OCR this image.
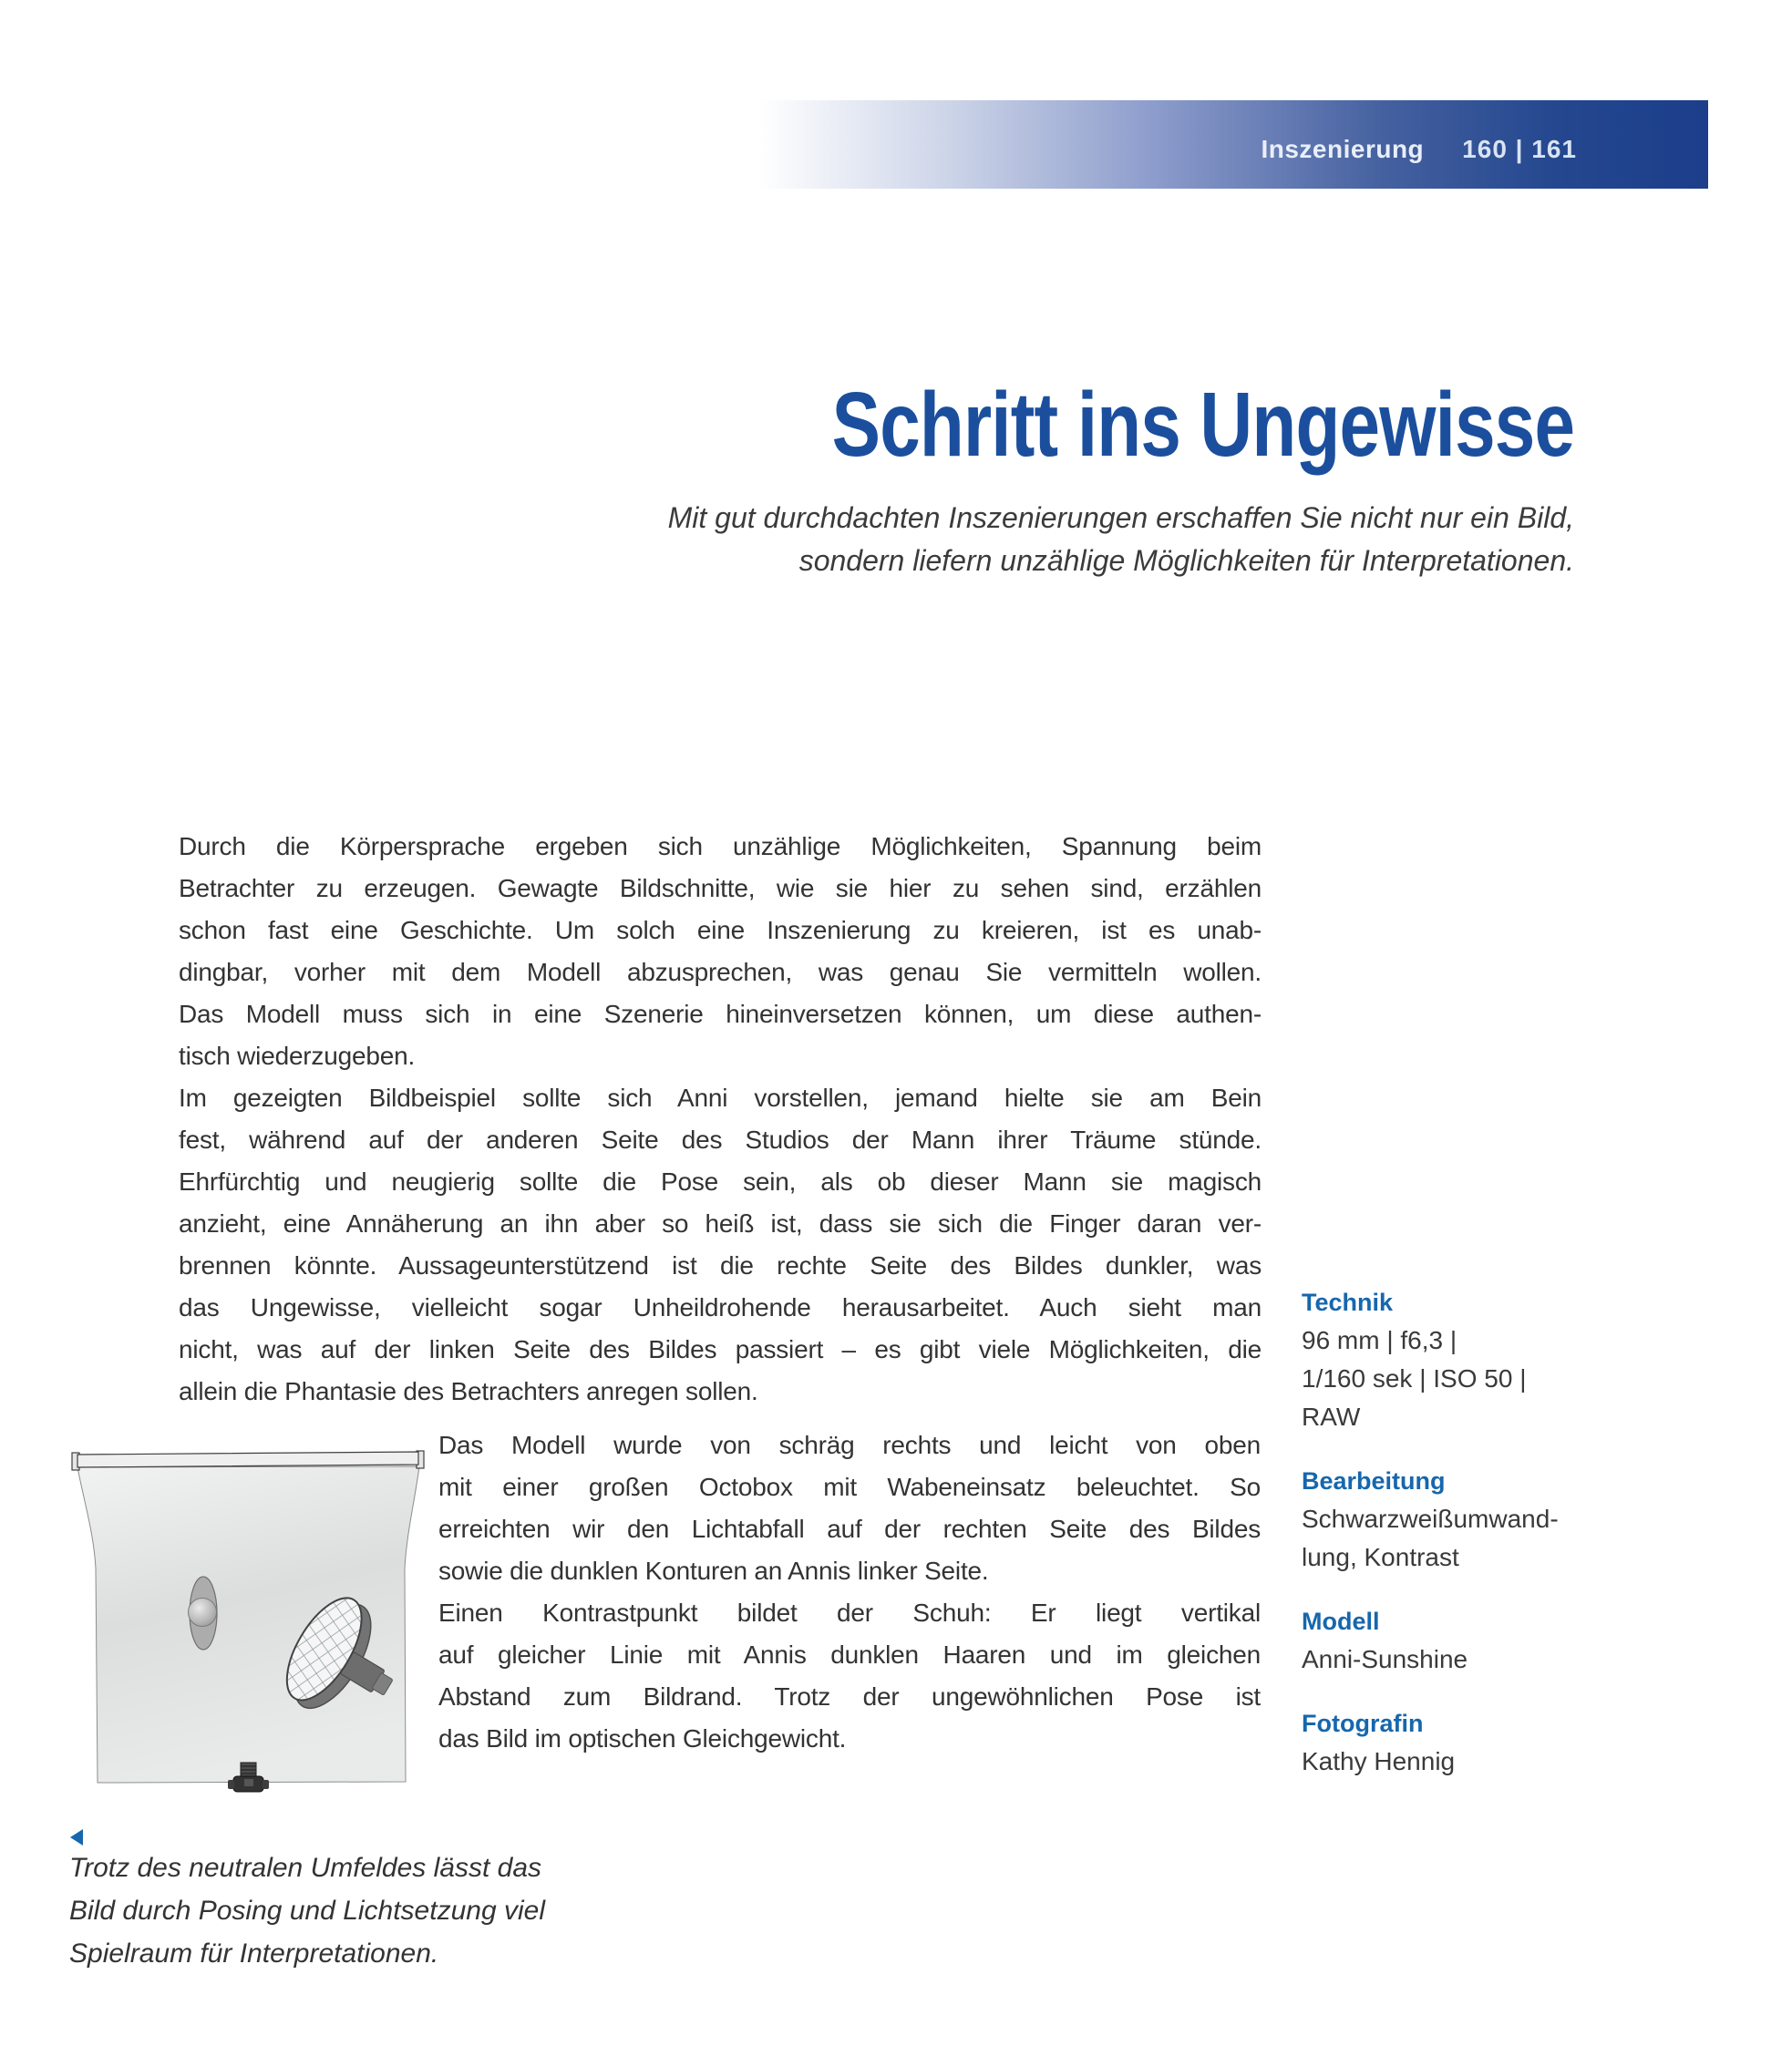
Inszenierung 160 | 161
Schritt ins Ungewisse
Mit gut durchdachten Inszenierungen erschaffen Sie nicht nur ein Bild,
sondern liefern unzählige Möglichkeiten für Interpretationen.
Durch die Körpersprache ergeben sich unzählige Möglichkeiten, Spannung beim
Betrachter zu erzeugen. Gewagte Bildschnitte, wie sie hier zu sehen sind, erzählen
schon fast eine Geschichte. Um solch eine Inszenierung zu kreieren, ist es unab-
dingbar, vorher mit dem Modell abzusprechen, was genau Sie vermitteln wollen.
Das Modell muss sich in eine Szenerie hineinversetzen können, um diese authen-
tisch wiederzugeben.
Im gezeigten Bildbeispiel sollte sich Anni vorstellen, jemand hielte sie am Bein
fest, während auf der anderen Seite des Studios der Mann ihrer Träume stünde.
Ehrfürchtig und neugierig sollte die Pose sein, als ob dieser Mann sie magisch
anzieht, eine Annäherung an ihn aber so heiß ist, dass sie sich die Finger daran ver-
brennen könnte. Aussageunterstützend ist die rechte Seite des Bildes dunkler, was
das Ungewisse, vielleicht sogar Unheildrohende herausarbeitet. Auch sieht man
nicht, was auf der linken Seite des Bildes passiert – es gibt viele Möglichkeiten, die
allein die Phantasie des Betrachters anregen sollen.
Das Modell wurde von schräg rechts und leicht von oben
mit einer großen Octobox mit Wabeneinsatz beleuchtet. So
erreichten wir den Lichtabfall auf der rechten Seite des Bildes
sowie die dunklen Konturen an Annis linker Seite.
Einen Kontrastpunkt bildet der Schuh: Er liegt vertikal
auf gleicher Linie mit Annis dunklen Haaren und im gleichen
Abstand zum Bildrand. Trotz der ungewöhnlichen Pose ist
das Bild im optischen Gleichgewicht.
Trotz des neutralen Umfeldes lässt das
Bild durch Posing und Lichtsetzung viel
Spielraum für Interpretationen.
Technik
96 mm | f6,3 |
1/160 sek | ISO 50 |
RAW
Bearbeitung
Schwarzweißumwand-
lung, Kontrast
Modell
Anni-Sunshine
Fotografin
Kathy Hennig
